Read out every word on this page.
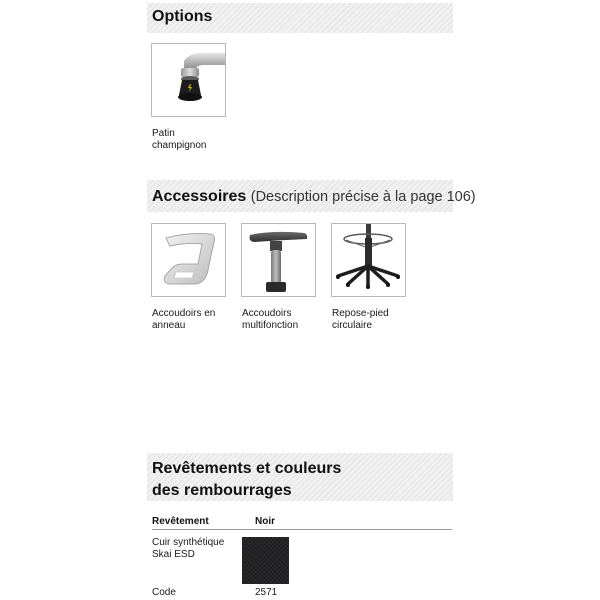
Options
Patin
champignon
Accessoires (Description précise à la page 106)
Accoudoirs en
anneau
Accoudoirs
multifonction
Repose-pied
circulaire
Revêtements et couleurs
des rembourrages
Revêtement	Noir
Cuir synthétique
Skai ESD
Code	2571
